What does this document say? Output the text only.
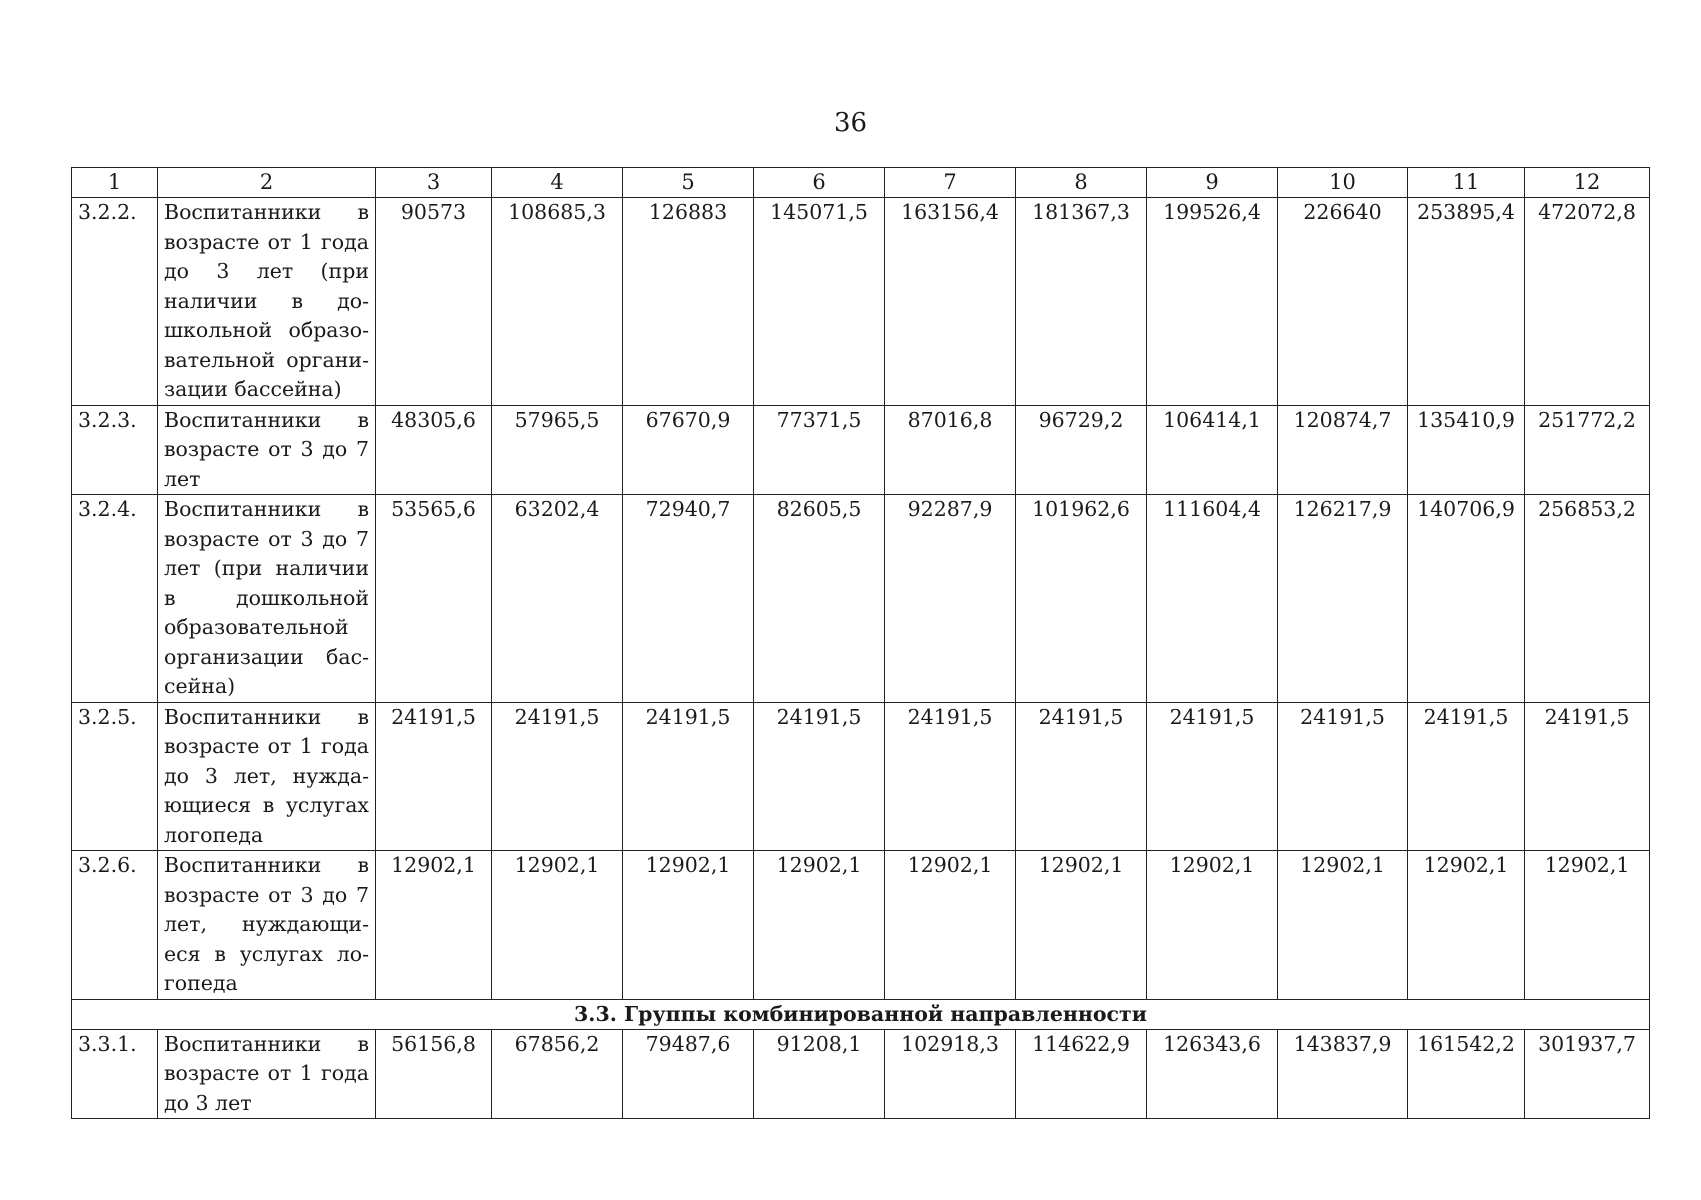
36
1	2	3	4	5	6	7	8	9	10	11	12
3.2.2.	Воспитанники в возрасте от 1 года до 3 лет (при наличии в дошкольной образовательной организации бассейна)	90573	108685,3	126883	145071,5	163156,4	181367,3	199526,4	226640	253895,4	472072,8
3.2.3.	Воспитанники в возрасте от 3 до 7 лет	48305,6	57965,5	67670,9	77371,5	87016,8	96729,2	106414,1	120874,7	135410,9	251772,2
3.2.4.	Воспитанники в возрасте от 3 до 7 лет (при наличии в дошкольной образовательной организации бассейна)	53565,6	63202,4	72940,7	82605,5	92287,9	101962,6	111604,4	126217,9	140706,9	256853,2
3.2.5.	Воспитанники в возрасте от 1 года до 3 лет, нуждающиеся в услугах логопеда	24191,5	24191,5	24191,5	24191,5	24191,5	24191,5	24191,5	24191,5	24191,5	24191,5
3.2.6.	Воспитанники в возрасте от 3 до 7 лет, нуждающиеся в услугах логопеда	12902,1	12902,1	12902,1	12902,1	12902,1	12902,1	12902,1	12902,1	12902,1	12902,1
3.3. Группы комбинированной направленности											
3.3.1.	Воспитанники в возрасте от 1 года до 3 лет	56156,8	67856,2	79487,6	91208,1	102918,3	114622,9	126343,6	143837,9	161542,2	301937,7
